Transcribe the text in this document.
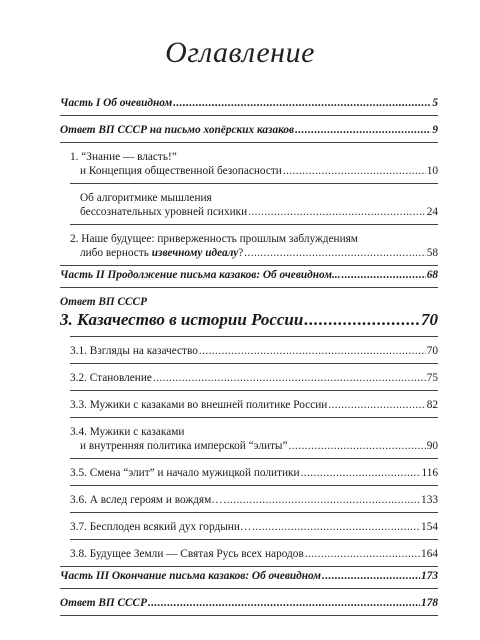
Оглавление
Часть I Об очевидном .....	5
Ответ ВП СССР на письмо хопёрских казаков .....	9
1. “Знание — власть!”
и Концепция общественной безопасности .....	10
Об алгоритмике мышления
бессознательных уровней психики .....	24
2. Наше будущее: приверженность прошлым заблуждениям
либо верность извечному идеалу? .....	58
Часть II Продолжение письма казаков: Об очевидном... .....	68
Ответ ВП СССР
3. Казачество в истории России .....	70
3.1. Взгляды на казачество .....	70
3.2. Становление .....	75
3.3. Мужики с казаками во внешней политике России .....	82
3.4. Мужики с казаками
и внутренняя политика имперской “элиты” .....	90
3.5. Смена “элит” и начало мужицкой политики .....	116
3.6. А вслед героям и вождям… .....	133
3.7. Бесплоден всякий дух гордыни… .....	154
3.8. Будущее Земли — Святая Русь всех народов .....	164
Часть III Окончание письма казаков: Об очевидном .....	173
Ответ ВП СССР .....	178
